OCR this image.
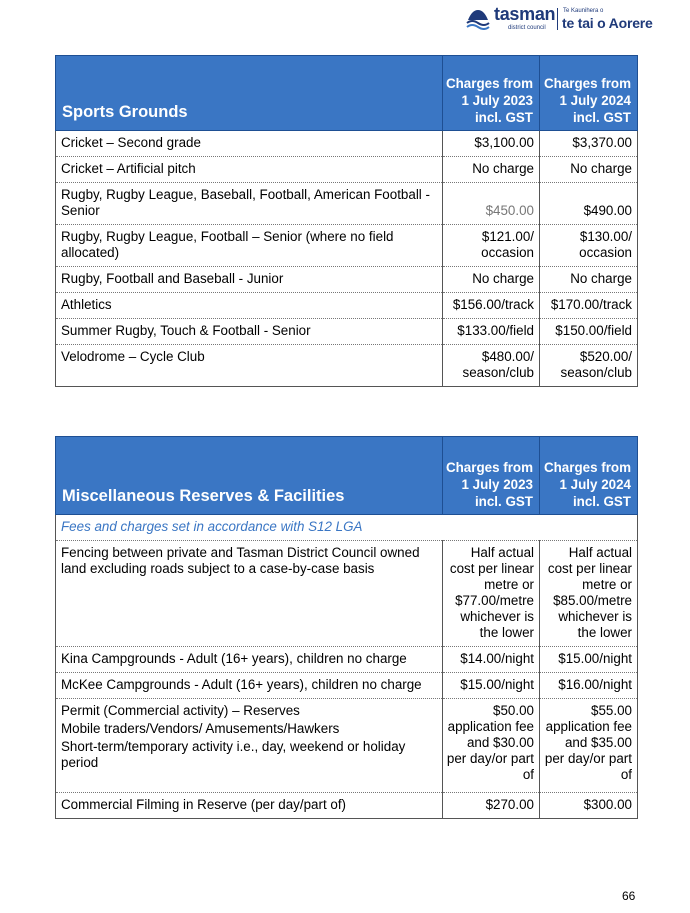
tasman
district council
Te Kaunihera o
te tai o Aorere
Sports Grounds	Charges from 1 July 2023 incl. GST	Charges from 1 July 2024 incl. GST
Cricket – Second grade	$3,100.00	$3,370.00
Cricket – Artificial pitch	No charge	No charge
Rugby, Rugby League, Baseball, Football, American Football - Senior	$450.00	$490.00
Rugby, Rugby League, Football – Senior (where no field allocated)	$121.00/ occasion	$130.00/ occasion
Rugby, Football and Baseball - Junior	No charge	No charge
Athletics	$156.00/track	$170.00/track
Summer Rugby, Touch & Football - Senior	$133.00/field	$150.00/field
Velodrome – Cycle Club	$480.00/ season/club	$520.00/ season/club
Miscellaneous Reserves & Facilities	Charges from 1 July 2023 incl. GST	Charges from 1 July 2024 incl. GST
Fees and charges set in accordance with S12 LGA		
Fencing between private and Tasman District Council owned land excluding roads subject to a case-by-case basis	Half actual cost per linear metre or $77.00/metre whichever is the lower	Half actual cost per linear metre or $85.00/metre whichever is the lower
Kina Campgrounds - Adult (16+ years), children no charge	$14.00/night	$15.00/night
McKee Campgrounds - Adult (16+ years), children no charge	$15.00/night	$16.00/night

Permit (Commercial activity) – Reserves
Mobile traders/Vendors/ Amusements/Hawkers
Short-term/temporary activity i.e., day, weekend or holiday period	$50.00 application fee and $30.00 per day/or part of	$55.00 application fee and $35.00 per day/or part of
Commercial Filming in Reserve (per day/part of)	$270.00	$300.00
66
